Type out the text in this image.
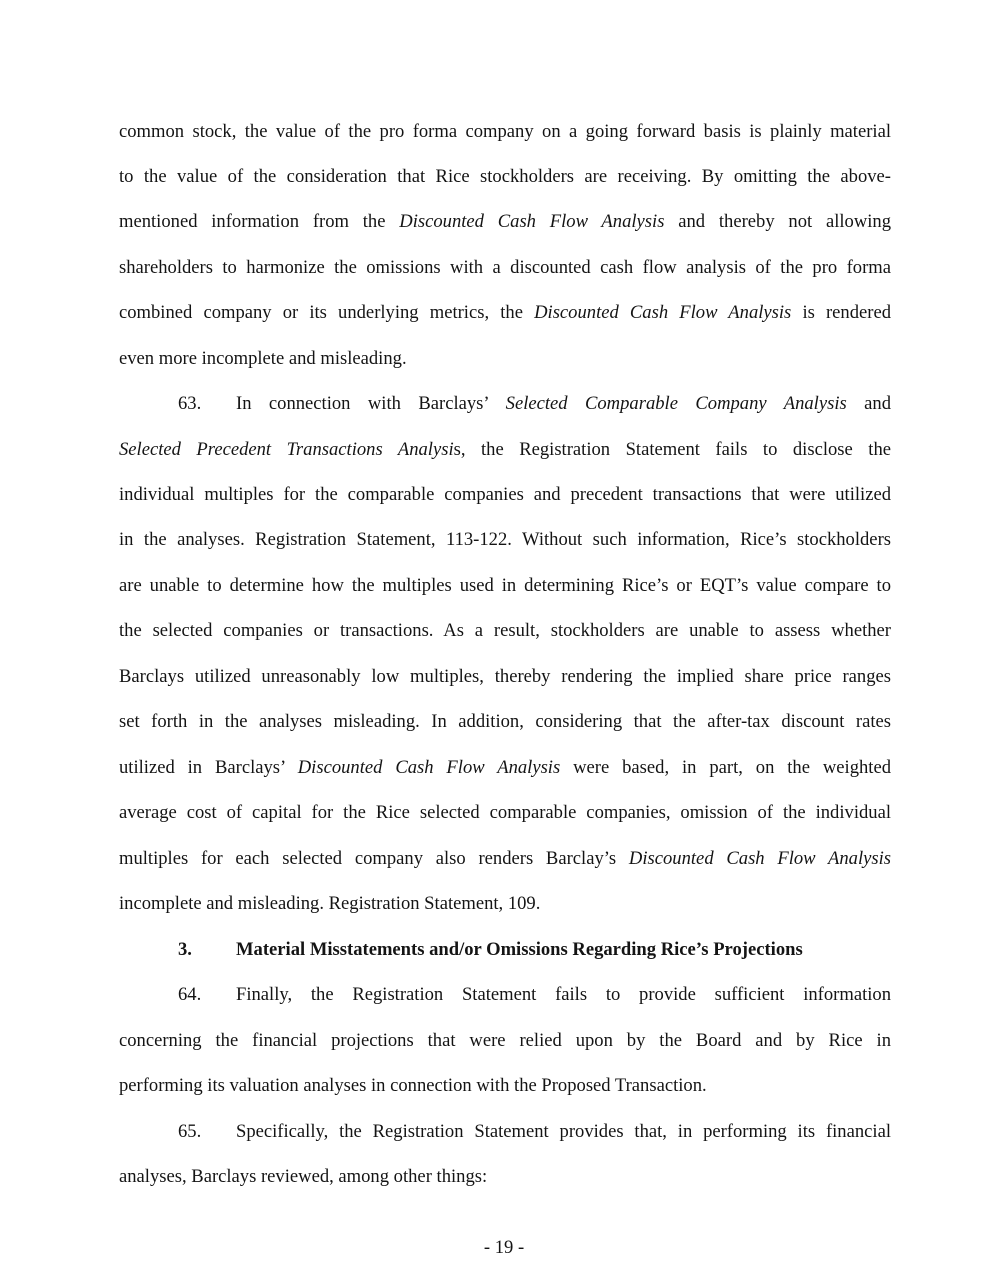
common stock, the value of the pro forma company on a going forward basis is plainly material
to the value of the consideration that Rice stockholders are receiving. By omitting the above-
mentioned information from the Discounted Cash Flow Analysis and thereby not allowing
shareholders to harmonize the omissions with a discounted cash flow analysis of the pro forma
combined company or its underlying metrics, the Discounted Cash Flow Analysis is rendered
even more incomplete and misleading.
63. In connection with Barclays’ Selected Comparable Company Analysis and
Selected Precedent Transactions Analysis, the Registration Statement fails to disclose the
individual multiples for the comparable companies and precedent transactions that were utilized
in the analyses. Registration Statement, 113-122. Without such information, Rice’s stockholders
are unable to determine how the multiples used in determining Rice’s or EQT’s value compare to
the selected companies or transactions. As a result, stockholders are unable to assess whether
Barclays utilized unreasonably low multiples, thereby rendering the implied share price ranges
set forth in the analyses misleading. In addition, considering that the after-tax discount rates
utilized in Barclays’ Discounted Cash Flow Analysis were based, in part, on the weighted
average cost of capital for the Rice selected comparable companies, omission of the individual
multiples for each selected company also renders Barclay’s Discounted Cash Flow Analysis
incomplete and misleading. Registration Statement, 109.
3. Material Misstatements and/or Omissions Regarding Rice’s Projections
64. Finally, the Registration Statement fails to provide sufficient information
concerning the financial projections that were relied upon by the Board and by Rice in
performing its valuation analyses in connection with the Proposed Transaction.
65. Specifically, the Registration Statement provides that, in performing its financial
analyses, Barclays reviewed, among other things:
- 19 -
